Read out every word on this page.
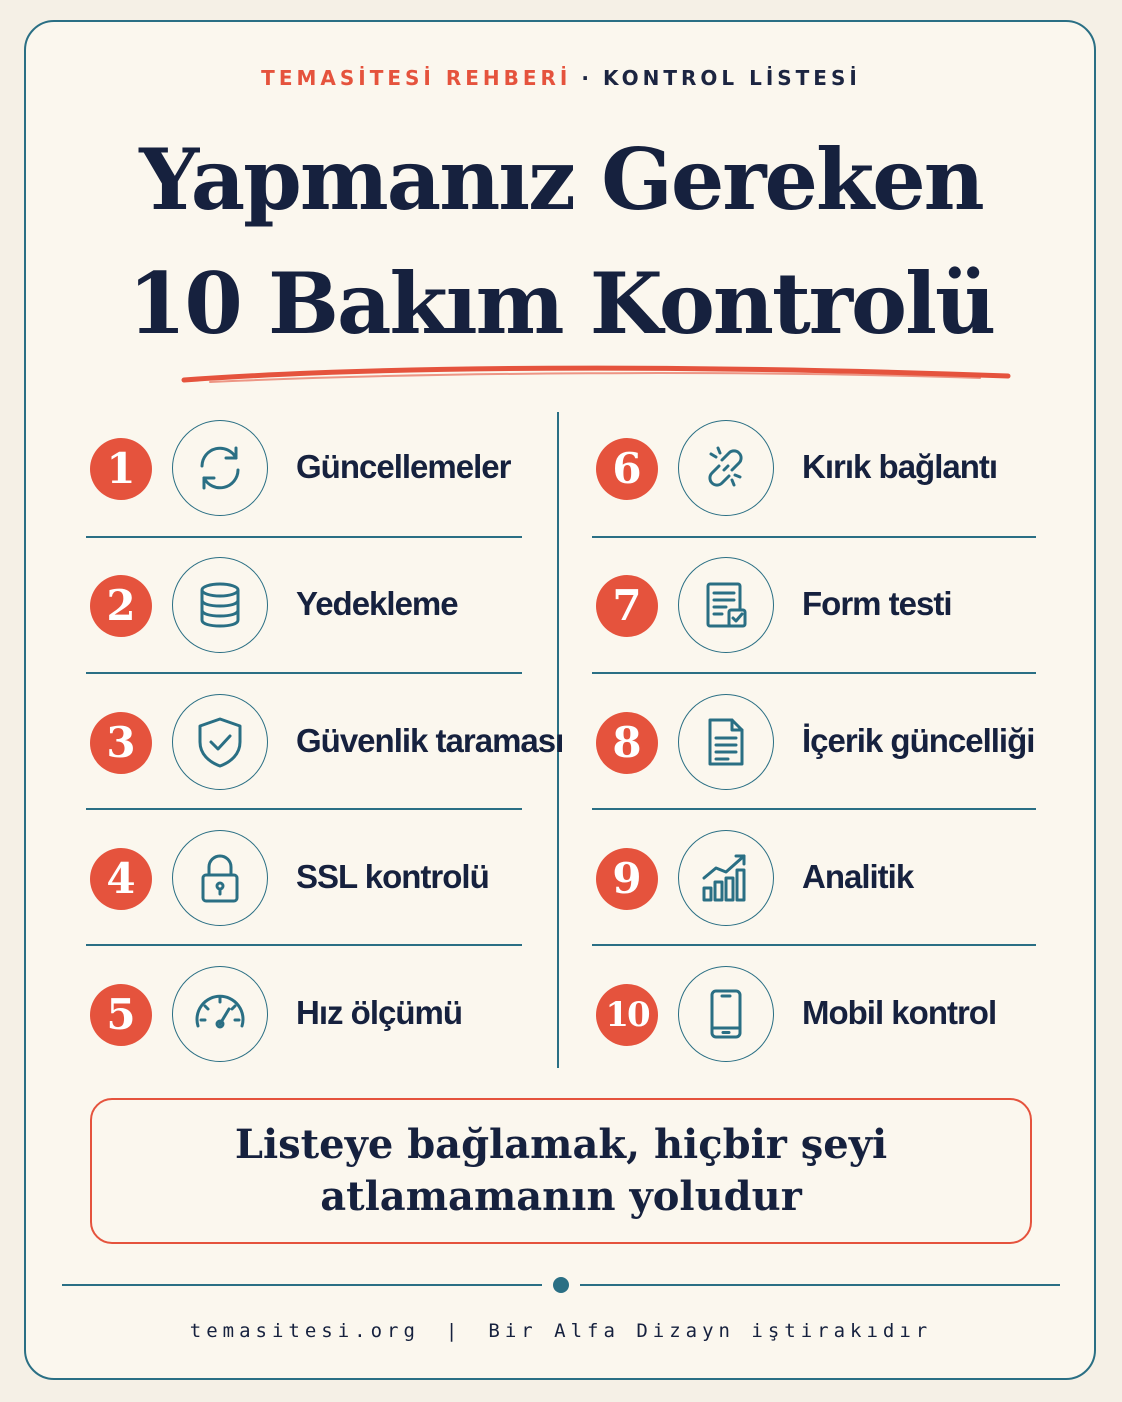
TEMASİTESİ REHBERİ · KONTROL LİSTESİ
Yapmanız Gereken
10 Bakım Kontrolü
1	Güncellemeler
2	Yedekleme
3	Güvenlik taraması
4	SSL kontrolü
5	Hız ölçümü
6	Kırık bağlantı
7	Form testi
8	İçerik güncelliği
9	Analitik
10	Mobil kontrol
Listeye bağlamak, hiçbir şeyi atlamamanın yoludur
temasitesi.org | Bir Alfa Dizayn iştirakıdır
